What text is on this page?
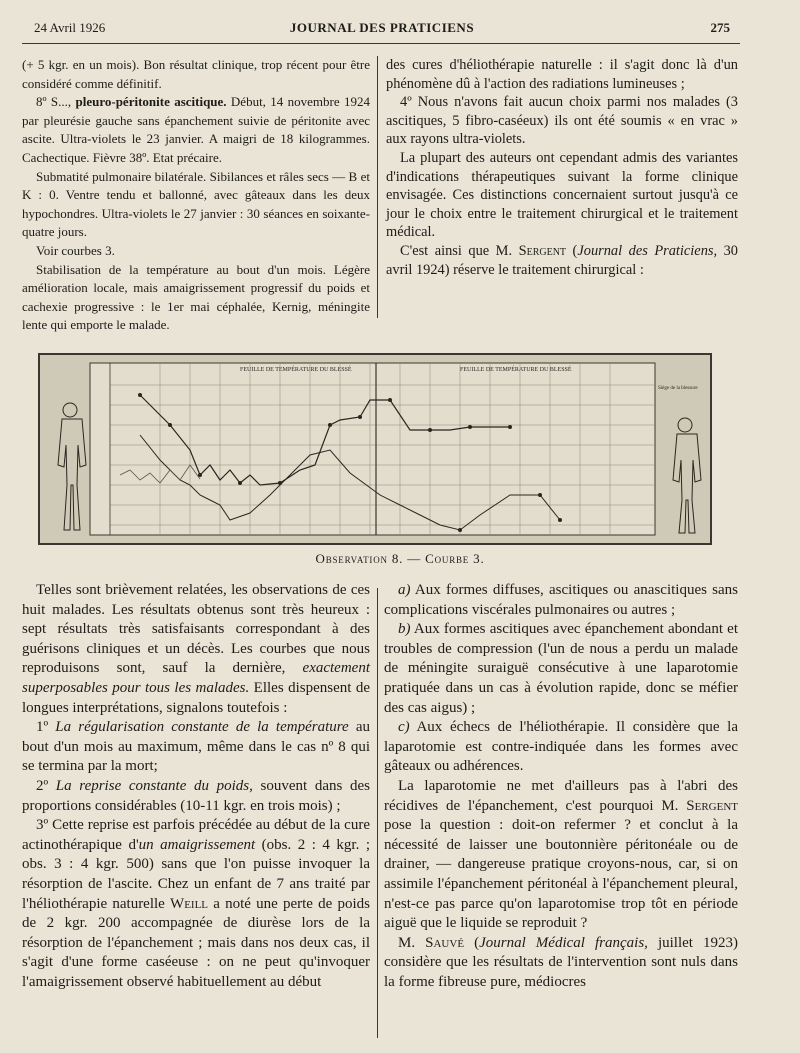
24 Avril 1926	JOURNAL DES PRATICIENS	275

(+ 5 kgr. en un mois). Bon résultat clinique, trop récent pour être considéré comme définitif.

8º S..., pleuro-péritonite ascitique. Début, 14 novembre 1924 par pleurésie gauche sans épanchement suivie de péritonite avec ascite. Ultra-violets le 23 janvier. A maigri de 18 kilogrammes. Cachectique. Fièvre 38º. Etat précaire.

Submatité pulmonaire bilatérale. Sibilances et râles secs — B et K : 0. Ventre tendu et ballonné, avec gâteaux dans les deux hypochondres. Ultra-violets le 27 janvier : 30 séances en soixante-quatre jours.

Voir courbes 3.

Stabilisation de la température au bout d'un mois. Légère amélioration locale, mais amaigrissement progressif du poids et cachexie progressive : le 1er mai céphalée, Kernig, méningite lente qui emporte le malade.

des cures d'héliothérapie naturelle : il s'agit donc là d'un phénomène dû à l'action des radiations lumineuses ;

4º Nous n'avons fait aucun choix parmi nos malades (3 ascitiques, 5 fibro-caséeux) ils ont été soumis « en vrac » aux rayons ultra-violets.

La plupart des auteurs ont cependant admis des variantes d'indications thérapeutiques suivant la forme clinique envisagée. Ces distinctions concernaient surtout jusqu'à ce jour le choix entre le traitement chirurgical et le traitement médical.

C'est ainsi que M. Sergent (Journal des Praticiens, 30 avril 1924) réserve le traitement chirurgical :

FEUILLE DE TEMPÉRATURE DU BLESSÉ	FEUILLE DE TEMPÉRATURE DU BLESSÉ
Siège de la blessure
Observation 8. — Courbe 3.

Telles sont brièvement relatées, les observations de ces huit malades. Les résultats obtenus sont très heureux : sept résultats très satisfaisants correspondant à des guérisons cliniques et un décès. Les courbes que nous reproduisons sont, sauf la dernière, exactement superposables pour tous les malades. Elles dispensent de longues interprétations, signalons toutefois :

1º La régularisation constante de la température au bout d'un mois au maximum, même dans le cas nº 8 qui se termina par la mort;

2º La reprise constante du poids, souvent dans des proportions considérables (10-11 kgr. en trois mois) ;

3º Cette reprise est parfois précédée au début de la cure actinothérapique d'un amaigrissement (obs. 2 : 4 kgr. ; obs. 3 : 4 kgr. 500) sans que l'on puisse invoquer la résorption de l'ascite. Chez un enfant de 7 ans traité par l'héliothérapie naturelle Weill a noté une perte de poids de 2 kgr. 200 accompagnée de diurèse lors de la résorption de l'épanchement ; mais dans nos deux cas, il s'agit d'une forme caséeuse : on ne peut qu'invoquer l'amaigrissement observé habituellement au début

a) Aux formes diffuses, ascitiques ou anascitiques sans complications viscérales pulmonaires ou autres ;

b) Aux formes ascitiques avec épanchement abondant et troubles de compression (l'un de nous a perdu un malade de méningite suraiguë consécutive à une laparotomie pratiquée dans un cas à évolution rapide, donc se méfier des cas aigus) ;

c) Aux échecs de l'héliothérapie. Il considère que la laparotomie est contre-indiquée dans les formes avec gâteaux ou adhérences.

La laparotomie ne met d'ailleurs pas à l'abri des récidives de l'épanchement, c'est pourquoi M. Sergent pose la question : doit-on refermer ? et conclut à la nécessité de laisser une boutonnière péritonéale ou de drainer, — dangereuse pratique croyons-nous, car, si on assimile l'épanchement péritonéal à l'épanchement pleural, n'est-ce pas parce qu'on laparotomise trop tôt en période aiguë que le liquide se reproduit ?

M. Sauvé (Journal Médical français, juillet 1923) considère que les résultats de l'intervention sont nuls dans la forme fibreuse pure, médiocres
